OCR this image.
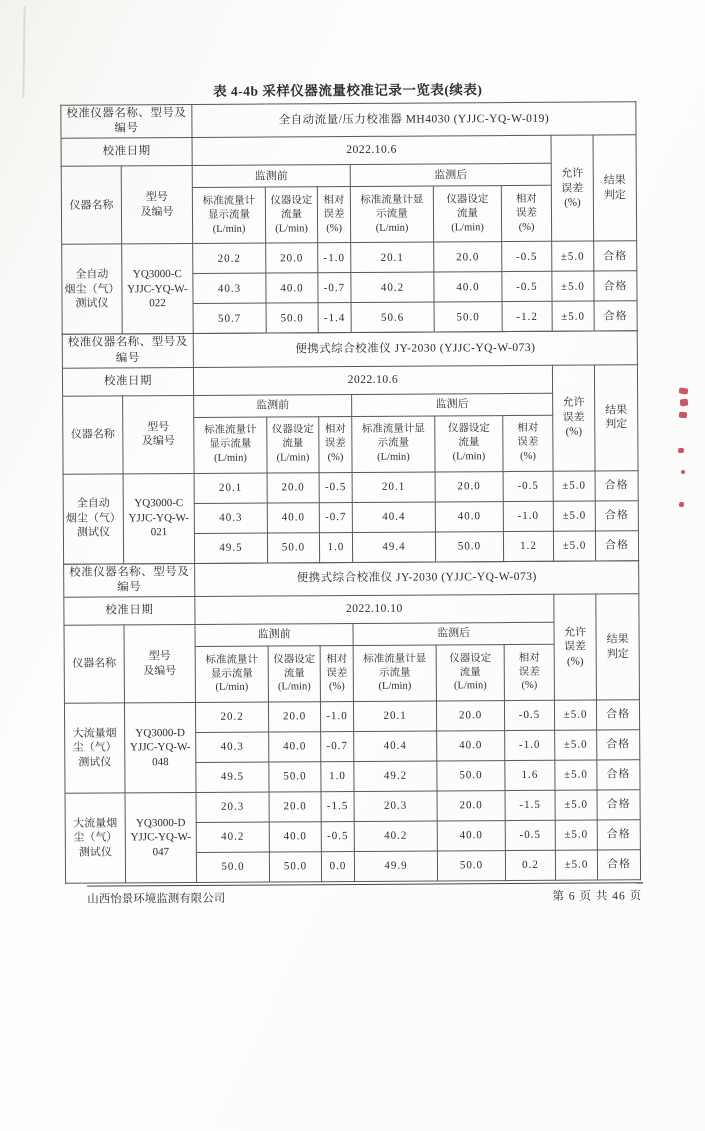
表 4-4b 采样仪器流量校准记录一览表(续表)
校准仪器名称、型号及编号		全自动流量/压力校准器 MH4030 (YJJC-YQ-W-019)							
校准日期		2022.10.6						允许
误差
(%)	结果
判定
仪器名称	型号
及编号	监测前			监测后				
		标准流量计
显示流量
(L/min)	仪器设定
流量
(L/min)	相对
误差
(%)	标准流量计显
示流量
(L/min)	仪器设定
流量
(L/min)	相对
误差
(%)		
全自动
烟尘（气）
测试仪	YQ3000-C
YJJC-YQ-W-022	20.2	20.0	-1.0	20.1	20.0	-0.5	±5.0	合格
		40.3	40.0	-0.7	40.2	40.0	-0.5	±5.0	合格
		50.7	50.0	-1.4	50.6	50.0	-1.2	±5.0	合格
校准仪器名称、型号及编号		便携式综合校准仪 JY-2030 (YJJC-YQ-W-073)							
校准日期		2022.10.6						允许
误差
(%)	结果
判定
仪器名称	型号
及编号	监测前			监测后				
		标准流量计
显示流量
(L/min)	仪器设定
流量
(L/min)	相对
误差
(%)	标准流量计显
示流量
(L/min)	仪器设定
流量
(L/min)	相对
误差
(%)		
全自动
烟尘（气）
测试仪	YQ3000-C
YJJC-YQ-W-021	20.1	20.0	-0.5	20.1	20.0	-0.5	±5.0	合格
		40.3	40.0	-0.7	40.4	40.0	-1.0	±5.0	合格
		49.5	50.0	1.0	49.4	50.0	1.2	±5.0	合格
校准仪器名称、型号及编号		便携式综合校准仪 JY-2030 (YJJC-YQ-W-073)							
校准日期		2022.10.10						允许
误差
(%)	结果
判定
仪器名称	型号
及编号	监测前			监测后				
		标准流量计
显示流量
(L/min)	仪器设定
流量
(L/min)	相对
误差
(%)	标准流量计显
示流量
(L/min)	仪器设定
流量
(L/min)	相对
误差
(%)		
大流量烟
尘（气）
测试仪	YQ3000-D
YJJC-YQ-W-048	20.2	20.0	-1.0	20.1	20.0	-0.5	±5.0	合格
		40.3	40.0	-0.7	40.4	40.0	-1.0	±5.0	合格
		49.5	50.0	1.0	49.2	50.0	1.6	±5.0	合格
大流量烟
尘（气）
测试仪	YQ3000-D
YJJC-YQ-W-047	20.3	20.0	-1.5	20.3	20.0	-1.5	±5.0	合格
		40.2	40.0	-0.5	40.2	40.0	-0.5	±5.0	合格
		50.0	50.0	0.0	49.9	50.0	0.2	±5.0	合格
山西怡景环境监测有限公司	第 6 页 共 46 页
